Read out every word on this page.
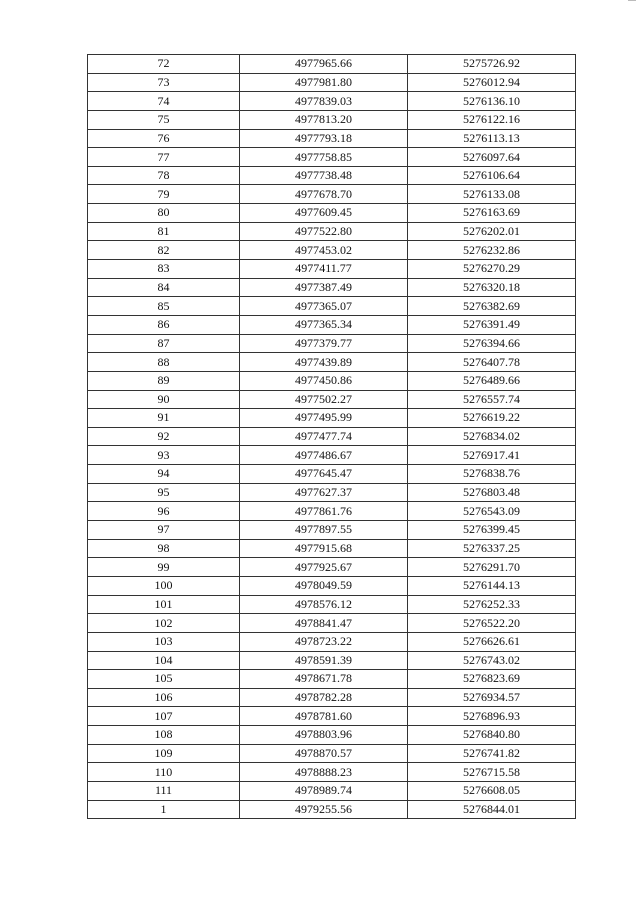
72	4977965.66	5275726.92
73	4977981.80	5276012.94
74	4977839.03	5276136.10
75	4977813.20	5276122.16
76	4977793.18	5276113.13
77	4977758.85	5276097.64
78	4977738.48	5276106.64
79	4977678.70	5276133.08
80	4977609.45	5276163.69
81	4977522.80	5276202.01
82	4977453.02	5276232.86
83	4977411.77	5276270.29
84	4977387.49	5276320.18
85	4977365.07	5276382.69
86	4977365.34	5276391.49
87	4977379.77	5276394.66
88	4977439.89	5276407.78
89	4977450.86	5276489.66
90	4977502.27	5276557.74
91	4977495.99	5276619.22
92	4977477.74	5276834.02
93	4977486.67	5276917.41
94	4977645.47	5276838.76
95	4977627.37	5276803.48
96	4977861.76	5276543.09
97	4977897.55	5276399.45
98	4977915.68	5276337.25
99	4977925.67	5276291.70
100	4978049.59	5276144.13
101	4978576.12	5276252.33
102	4978841.47	5276522.20
103	4978723.22	5276626.61
104	4978591.39	5276743.02
105	4978671.78	5276823.69
106	4978782.28	5276934.57
107	4978781.60	5276896.93
108	4978803.96	5276840.80
109	4978870.57	5276741.82
110	4978888.23	5276715.58
111	4978989.74	5276608.05
1	4979255.56	5276844.01
